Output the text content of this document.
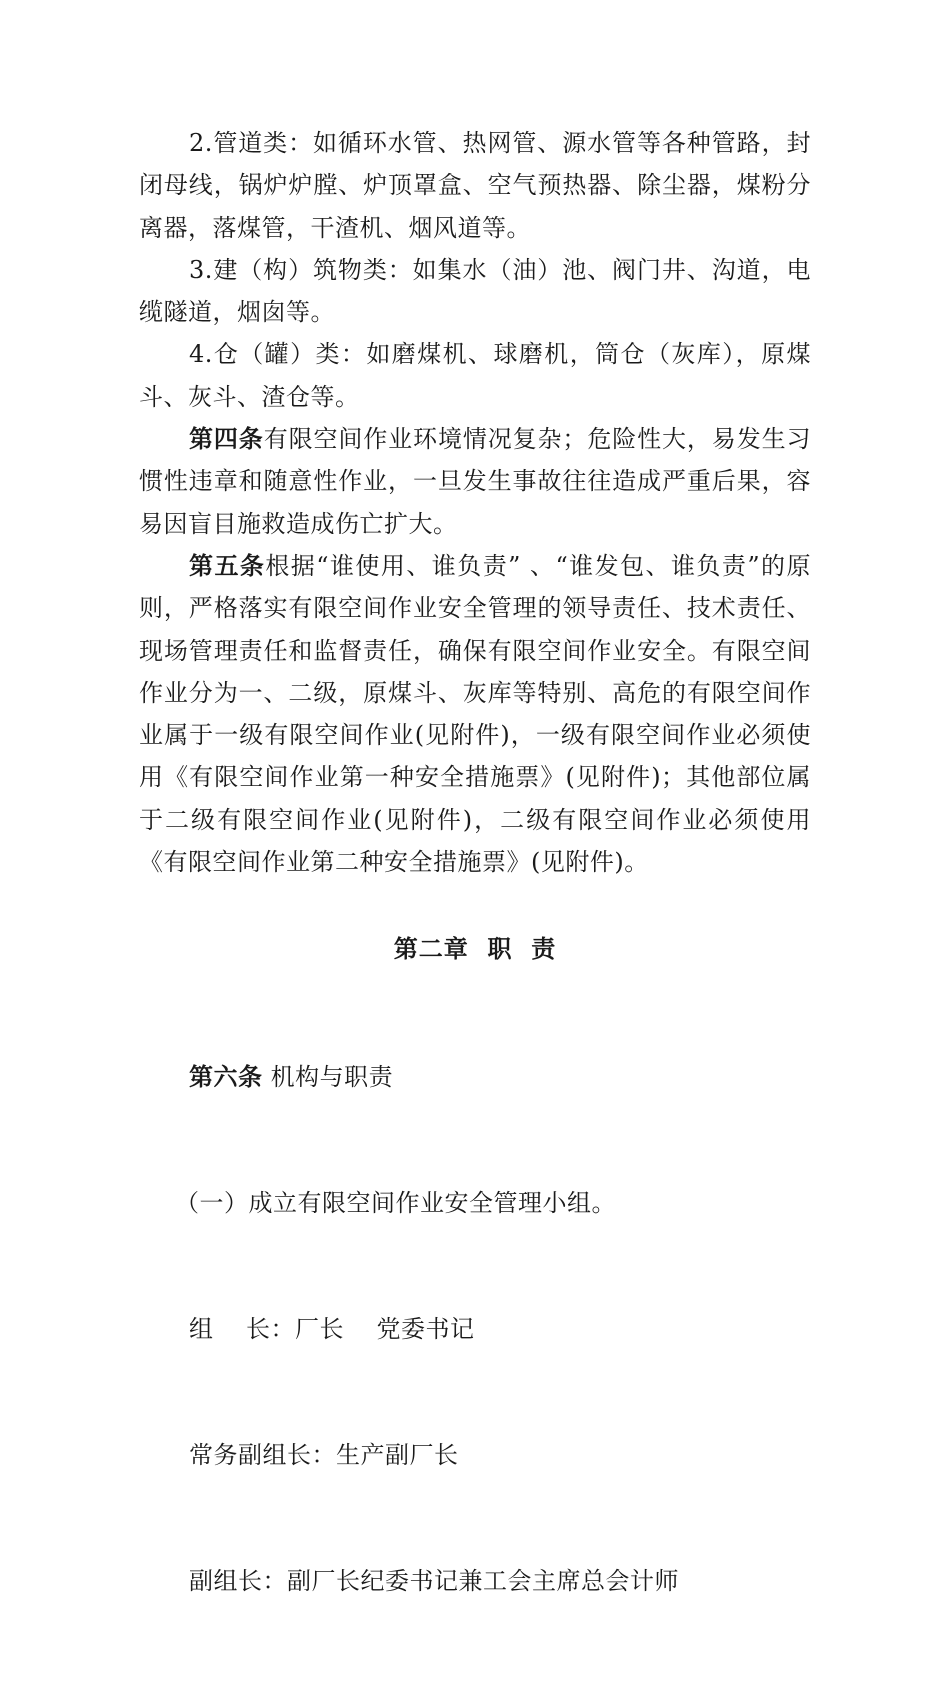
2.管道类：如循环水管、热网管、源水管等各种管路，封闭母线，锅炉炉膛、炉顶罩盒、空气预热器、除尘器，煤粉分离器，落煤管，干渣机、烟风道等。

3.建（构）筑物类：如集水（油）池、阀门井、沟道，电缆隧道，烟囱等。

4.仓（罐）类：如磨煤机、球磨机，筒仓（灰库），原煤斗、灰斗、渣仓等。

第四条有限空间作业环境情况复杂；危险性大，易发生习惯性违章和随意性作业，一旦发生事故往往造成严重后果，容易因盲目施救造成伤亡扩大。

第五条根据“谁使用、谁负责” 、“谁发包、谁负责”的原则，严格落实有限空间作业安全管理的领导责任、技术责任、现场管理责任和监督责任，确保有限空间作业安全。有限空间作业分为一、二级，原煤斗、灰库等特别、高危的有限空间作业属于一级有限空间作业(见附件)，一级有限空间作业必须使用《有限空间作业第一种安全措施票》(见附件)；其他部位属于二级有限空间作业(见附件)，二级有限空间作业必须使用《有限空间作业第二种安全措施票》(见附件)。

第二章  职  责

第六条 机构与职责

（一）成立有限空间作业安全管理小组。

组    长：厂长    党委书记

常务副组长：生产副厂长

副组长：副厂长纪委书记兼工会主席总会计师
